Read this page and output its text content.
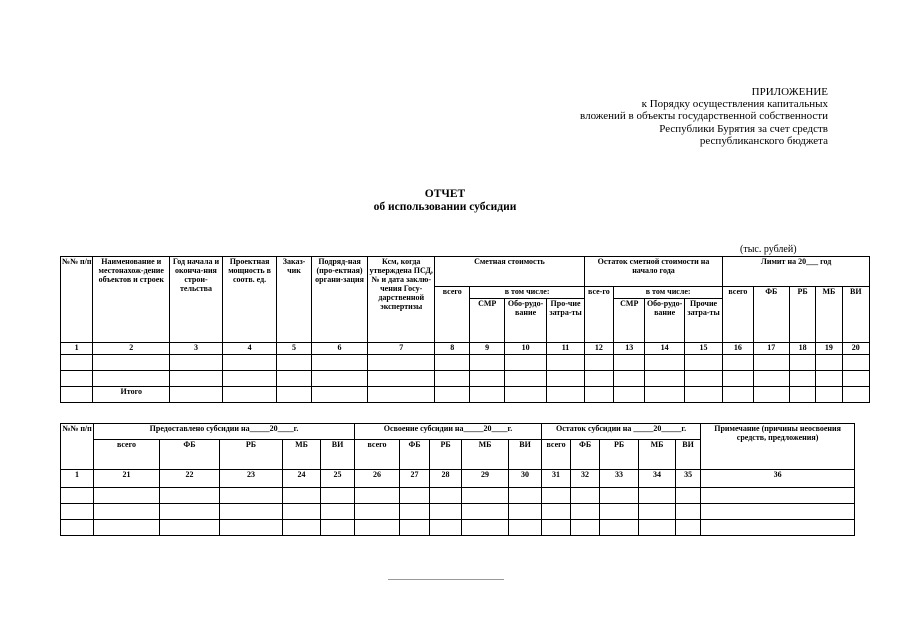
ПРИЛОЖЕНИЕ
к Порядку осуществления капитальных
вложений в объекты государственной собственности
Республики Бурятия за счет средств
республиканского бюджета
ОТЧЕТ
об использовании субсидии
(тыс. рублей)
№№ п/п	Наименование и местонахож-дение объектов и строек	Год начала и оконча-ния строи-тельства	Проектная мощность в соотв. ед.	Заказ-чик	Подряд-ная (про-ектная) органи-зация	Ксм, когда утверждена ПСД, № и дата заклю-чения Госу-дарственной экспертизы	Сметная стоимость				Остаток сметной стоимости на начало года				Лимит на 20___ год				
							всего	в том числе:			все-го	в том числе:			всего	ФБ	РБ	МБ	ВИ
								СМР	Обо-рудо-вание	Про-чие затра-ты		СМР	Обо-рудо-вание	Прочие затра-ты					
1	2	3	4	5	6	7	8	9	10	11	12	13	14	15	16	17	18	19	20

	Итого																		
№№ п/п	Предоставлено субсидии на_____20____г.					Освоение субсидии на_____20____г.					Остаток субсидии на _____20_____г.					Примечание (причины неосвоения средств, предложения)
	всего	ФБ	РБ	МБ	ВИ	всего	ФБ	РБ	МБ	ВИ	всего	ФБ	РБ	МБ	ВИ	
1	21	22	23	24	25	26	27	28	29	30	31	32	33	34	35	36
